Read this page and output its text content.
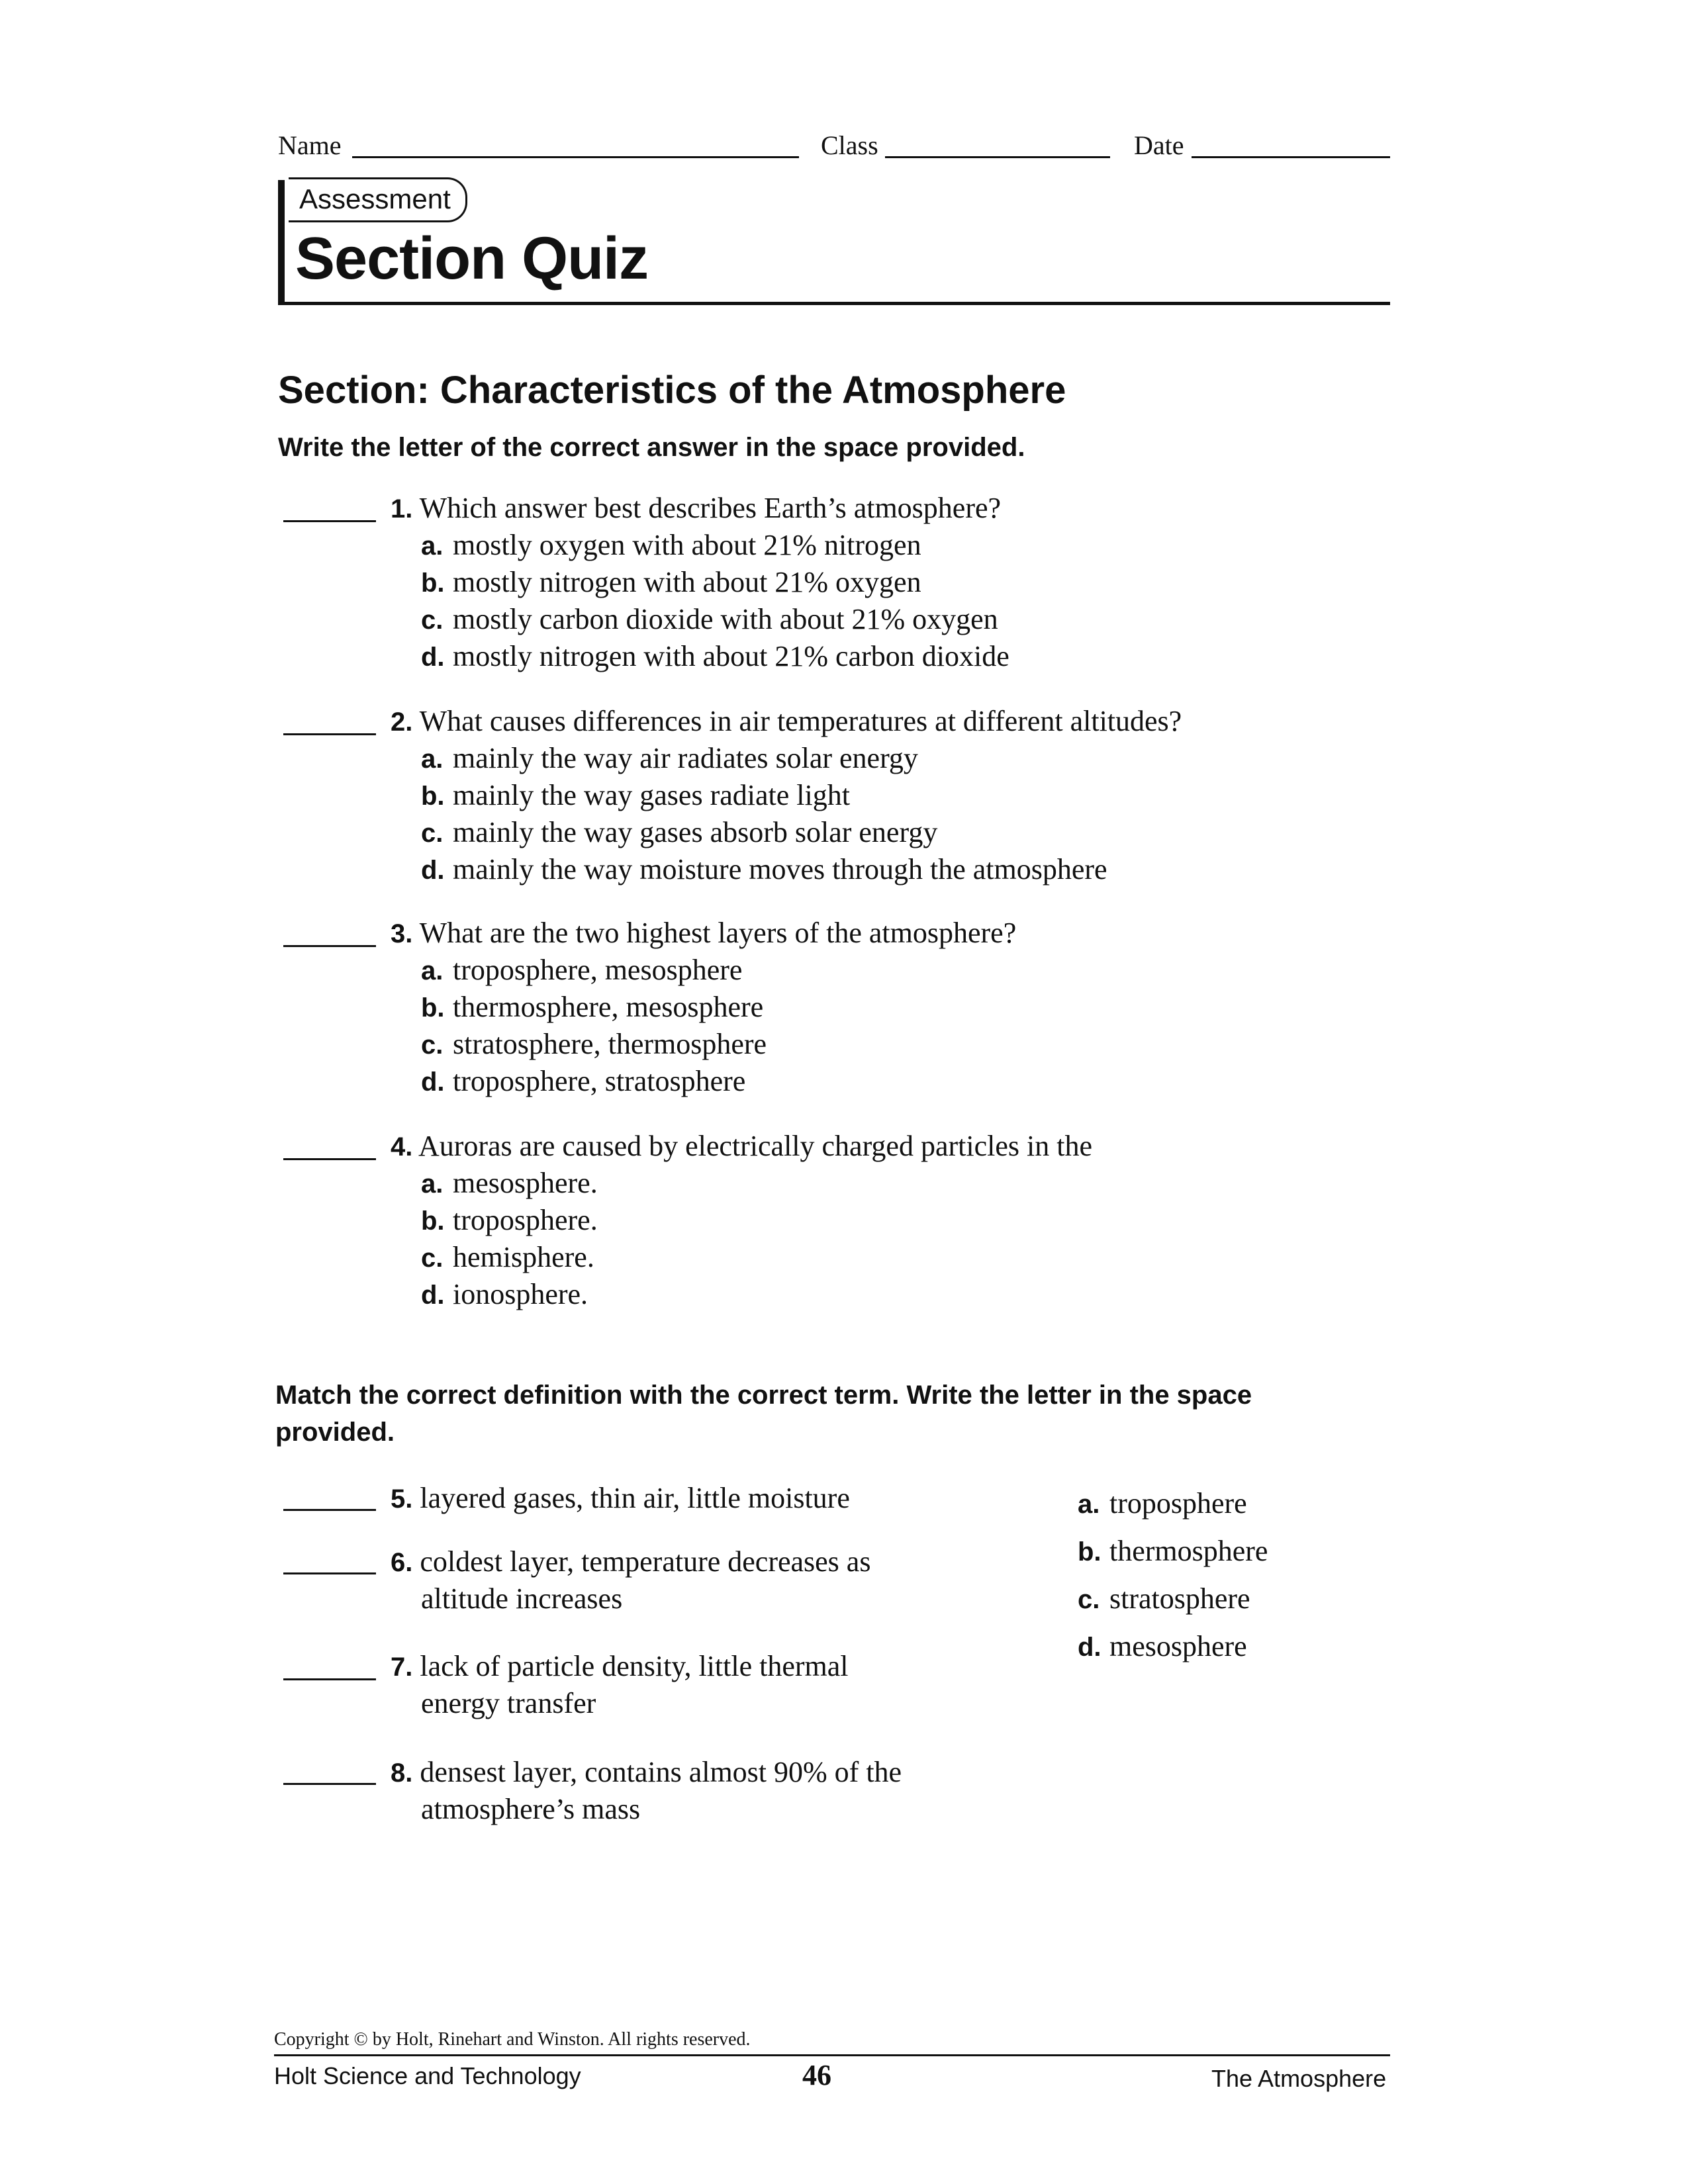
Name	Class	Date
Assessment
Section Quiz
Section: Characteristics of the Atmosphere
Write the letter of the correct answer in the space provided.
1. Which answer best describes Earth’s atmosphere?
a. mostly oxygen with about 21% nitrogen
b. mostly nitrogen with about 21% oxygen
c. mostly carbon dioxide with about 21% oxygen
d. mostly nitrogen with about 21% carbon dioxide
2. What causes differences in air temperatures at different altitudes?
a. mainly the way air radiates solar energy
b. mainly the way gases radiate light
c. mainly the way gases absorb solar energy
d. mainly the way moisture moves through the atmosphere
3. What are the two highest layers of the atmosphere?
a. troposphere, mesosphere
b. thermosphere, mesosphere
c. stratosphere, thermosphere
d. troposphere, stratosphere
4. Auroras are caused by electrically charged particles in the
a. mesosphere.
b. troposphere.
c. hemisphere.
d. ionosphere.
Match the correct definition with the correct term. Write the letter in the space
provided.
5. layered gases, thin air, little moisture
6. coldest layer, temperature decreases as
altitude increases
7. lack of particle density, little thermal
energy transfer
8. densest layer, contains almost 90% of the
atmosphere’s mass
a. troposphere
b. thermosphere
c. stratosphere
d. mesosphere
Copyright © by Holt, Rinehart and Winston. All rights reserved.
Holt Science and Technology	46	The Atmosphere
